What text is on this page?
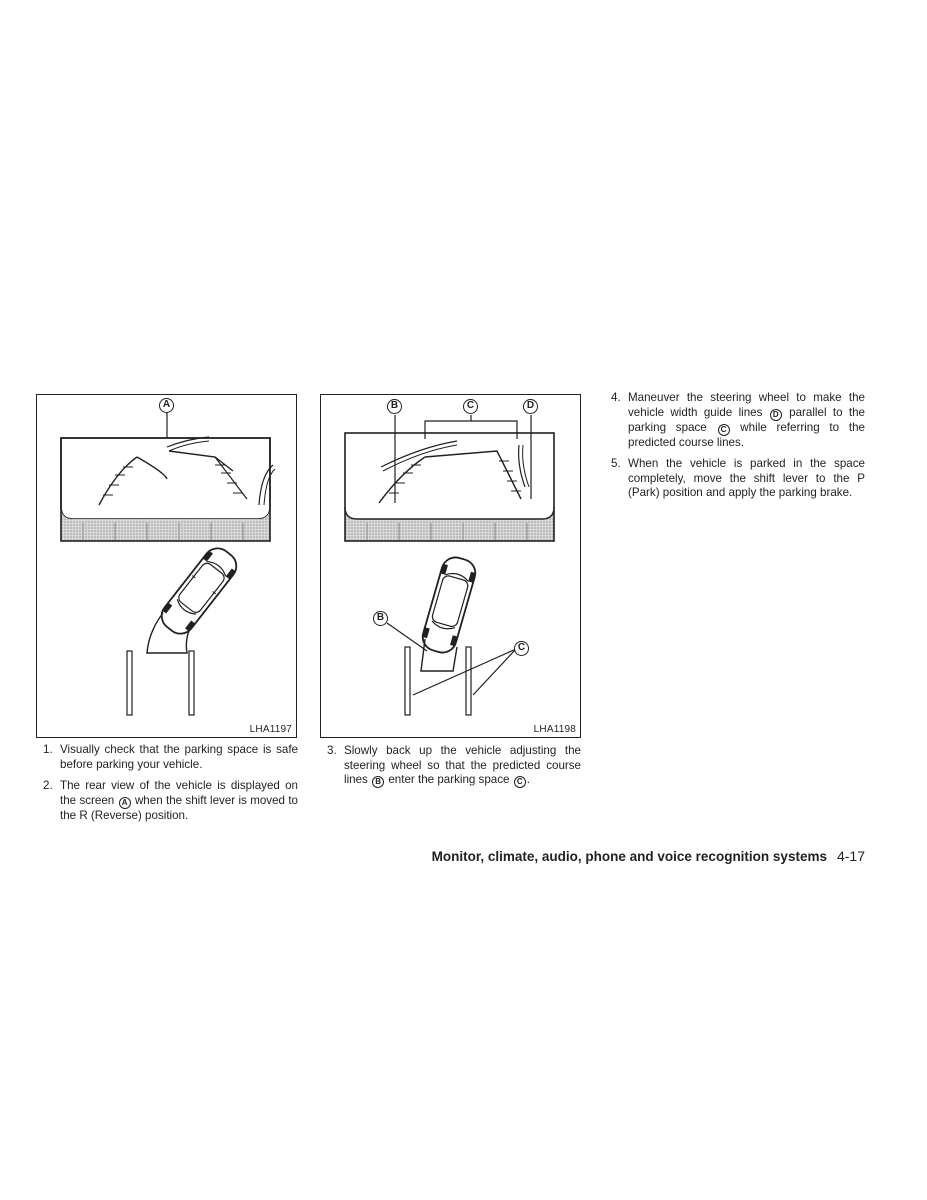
A
LHA1197
B	C	D
B
C
LHA1198

1. Visually check that the parking space is safe before parking your vehicle.

2. The rear view of the vehicle is displayed on the screen A when the shift lever is moved to the R (Reverse) position.

3. Slowly back up the vehicle adjusting the steering wheel so that the predicted course lines B enter the parking space C .

4. Maneuver the steering wheel to make the vehicle width guide lines D parallel to the parking space C while referring to the predicted course lines.

5. When the vehicle is parked in the space completely, move the shift lever to the P (Park) position and apply the parking brake.

Monitor, climate, audio, phone and voice recognition systems 4-17
